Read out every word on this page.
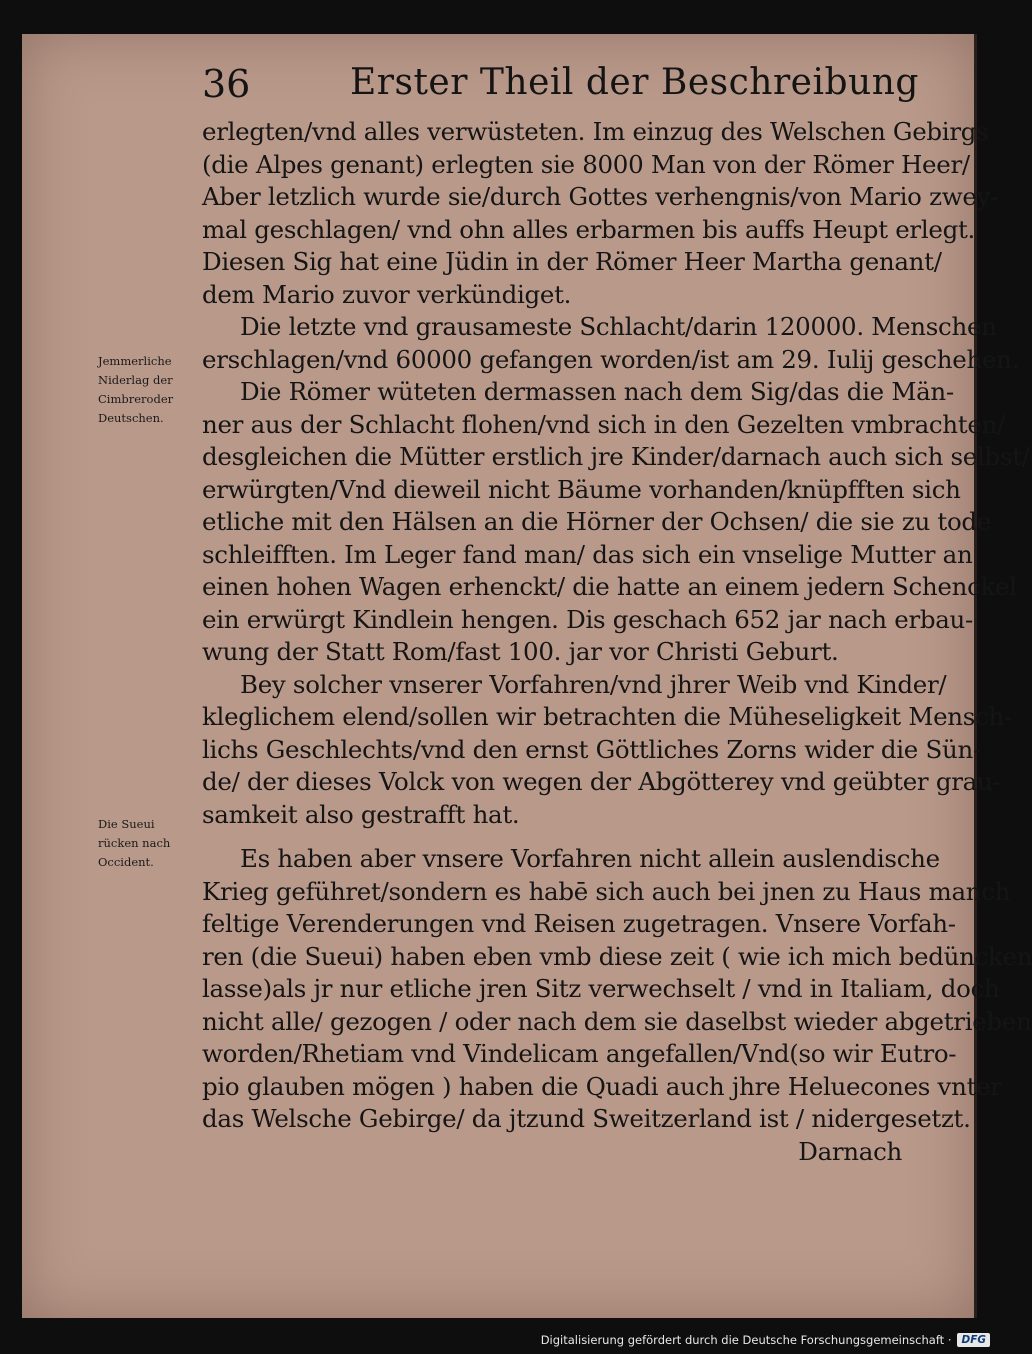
36	Erster Theil der Beschreibung
Jemmerliche
Niderlag der
Cimbreroder
Deutschen.
Die Sueui
rücken nach
Occident.
erlegten/vnd alles verwüsteten. Im einzug des Welschen Gebirgs
(die Alpes genant) erlegten sie 8000 Man von der Römer Heer/
Aber letzlich wurde sie/durch Gottes verhengnis/von Mario zwey-
mal geschlagen/ vnd ohn alles erbarmen bis auffs Heupt erlegt.
Diesen Sig hat eine Jüdin in der Römer Heer Martha genant/
dem Mario zuvor verkündiget.
Die letzte vnd grausameste Schlacht/darin 120000. Menschen
erschlagen/vnd 60000 gefangen worden/ist am 29. Iulij geschehen.
Die Römer wüteten dermassen nach dem Sig/das die Män-
ner aus der Schlacht flohen/vnd sich in den Gezelten vmbrachten/
desgleichen die Mütter erstlich jre Kinder/darnach auch sich selbst/
erwürgten/Vnd dieweil nicht Bäume vorhanden/knüpfften sich
etliche mit den Hälsen an die Hörner der Ochsen/ die sie zu tode
schleifften. Im Leger fand man/ das sich ein vnselige Mutter an
einen hohen Wagen erhenckt/ die hatte an einem jedern Schenckel
ein erwürgt Kindlein hengen. Dis geschach 652 jar nach erbau-
wung der Statt Rom/fast 100. jar vor Christi Geburt.
Bey solcher vnserer Vorfahren/vnd jhrer Weib vnd Kinder/
kleglichem elend/sollen wir betrachten die Müheseligkeit Mensch-
lichs Geschlechts/vnd den ernst Göttliches Zorns wider die Sün-
de/ der dieses Volck von wegen der Abgötterey vnd geübter grau-
samkeit also gestrafft hat.
Es haben aber vnsere Vorfahren nicht allein auslendische
Krieg geführet/sondern es habē sich auch bei jnen zu Haus manch
feltige Verenderungen vnd Reisen zugetragen. Vnsere Vorfah-
ren (die Sueui) haben eben vmb diese zeit ( wie ich mich bedüncken
lasse)als jr nur etliche jren Sitz verwechselt / vnd in Italiam, doch
nicht alle/ gezogen / oder nach dem sie daselbst wieder abgetrieben
worden/Rhetiam vnd Vindelicam angefallen/Vnd(so wir Eutro-
pio glauben mögen ) haben die Quadi auch jhre Heluecones vnter
das Welsche Gebirge/ da jtzund Sweitzerland ist / nidergesetzt.
Darnach
Digitalisierung gefördert durch die Deutsche Forschungsgemeinschaft · DFG
